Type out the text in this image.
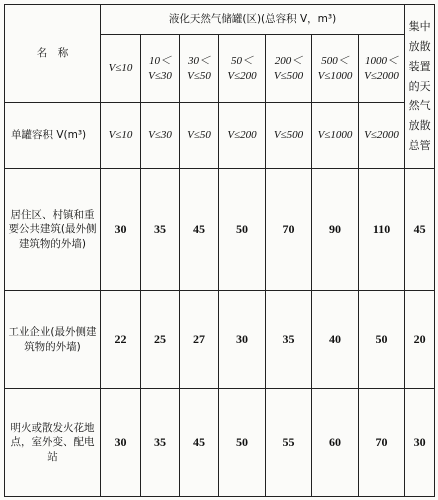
名　称	液化天然气储罐(区)(总容积 V，m³)							集中放散装置的天然气放散总管
	V≤10	10＜V≤30	30＜V≤50	50＜V≤200	200＜V≤500	500＜V≤1000	1000＜V≤2000	
单罐容积 V(m³)	V≤10	V≤30	V≤50	V≤200	V≤500	V≤1000	V≤2000	
居住区、村镇和重要公共建筑(最外侧建筑物的外墙)	30	35	45	50	70	90	110	45
工业企业(最外侧建筑物的外墙)	22	25	27	30	35	40	50	20
明火或散发火花地点，室外变、配电站	30	35	45	50	55	60	70	30
